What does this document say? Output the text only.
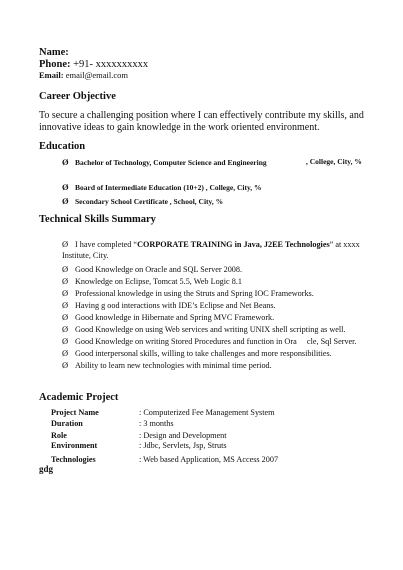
Name:
Phone: +91- xxxxxxxxxx
Email: email@email.com
Career Objective
To secure a challenging position where I can effectively contribute my skills, and
innovative ideas to gain knowledge in the work oriented environment.
Education
Ø Bachelor of Technology, Computer Science and Engineering	, College, City, %
Ø Board of Intermediate Education (10+2) , College, City, %
Ø Secondary School Certificate , School, City, %
Technical Skills Summary
Ø I have completed “CORPORATE TRAINING in Java, J2EE Technologies” at xxxx
Institute, City.
Ø Good Knowledge on Oracle and SQL Server 2008.
Ø Knowledge on Eclipse, Tomcat 5.5, Web Logic 8.1
Ø Professional knowledge in using the Struts and Spring IOC Frameworks.
Ø Having g ood interactions with IDE’s Eclipse and Net Beans.
Ø Good knowledge in Hibernate and Spring MVC Framework.
Ø Good Knowledge on using Web services and writing UNIX shell scripting as well.
Ø Good Knowledge on writing Stored Procedures and function in Ora     cle, Sql Server.
Ø Good interpersonal skills, willing to take challenges and more responsibilities.
Ø Ability to learn new technologies with minimal time period.
Academic Project
Project Name	: Computerized Fee Management System
Duration	: 3 months
Role	: Design and Development
Environment	: Jdbc, Servlets, Jsp, Struts
Technologies	: Web based Application, MS Access 2007
gdg
